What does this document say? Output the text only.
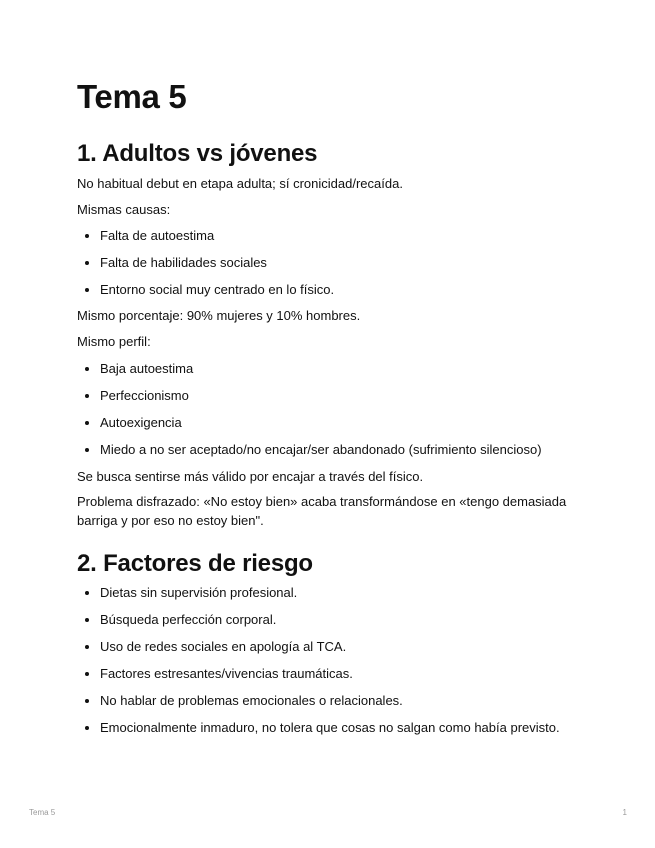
Tema 5
1. Adultos vs jóvenes

No habitual debut en etapa adulta; sí cronicidad/recaída.

Mismas causas:

• Falta de autoestima
• Falta de habilidades sociales
• Entorno social muy centrado en lo físico.

Mismo porcentaje: 90% mujeres y 10% hombres.

Mismo perfil:

• Baja autoestima
• Perfeccionismo
• Autoexigencia
• Miedo a no ser aceptado/no encajar/ser abandonado (sufrimiento silencioso)

Se busca sentirse más válido por encajar a través del físico.

Problema disfrazado: «No estoy bien» acaba transformándose en «tengo demasiada barriga y por eso no estoy bien".

2. Factores de riesgo
• Dietas sin supervisión profesional.
• Búsqueda perfección corporal.
• Uso de redes sociales en apología al TCA.
• Factores estresantes/vivencias traumáticas.
• No hablar de problemas emocionales o relacionales.
• Emocionalmente inmaduro, no tolera que cosas no salgan como había previsto.
Tema 5	1
